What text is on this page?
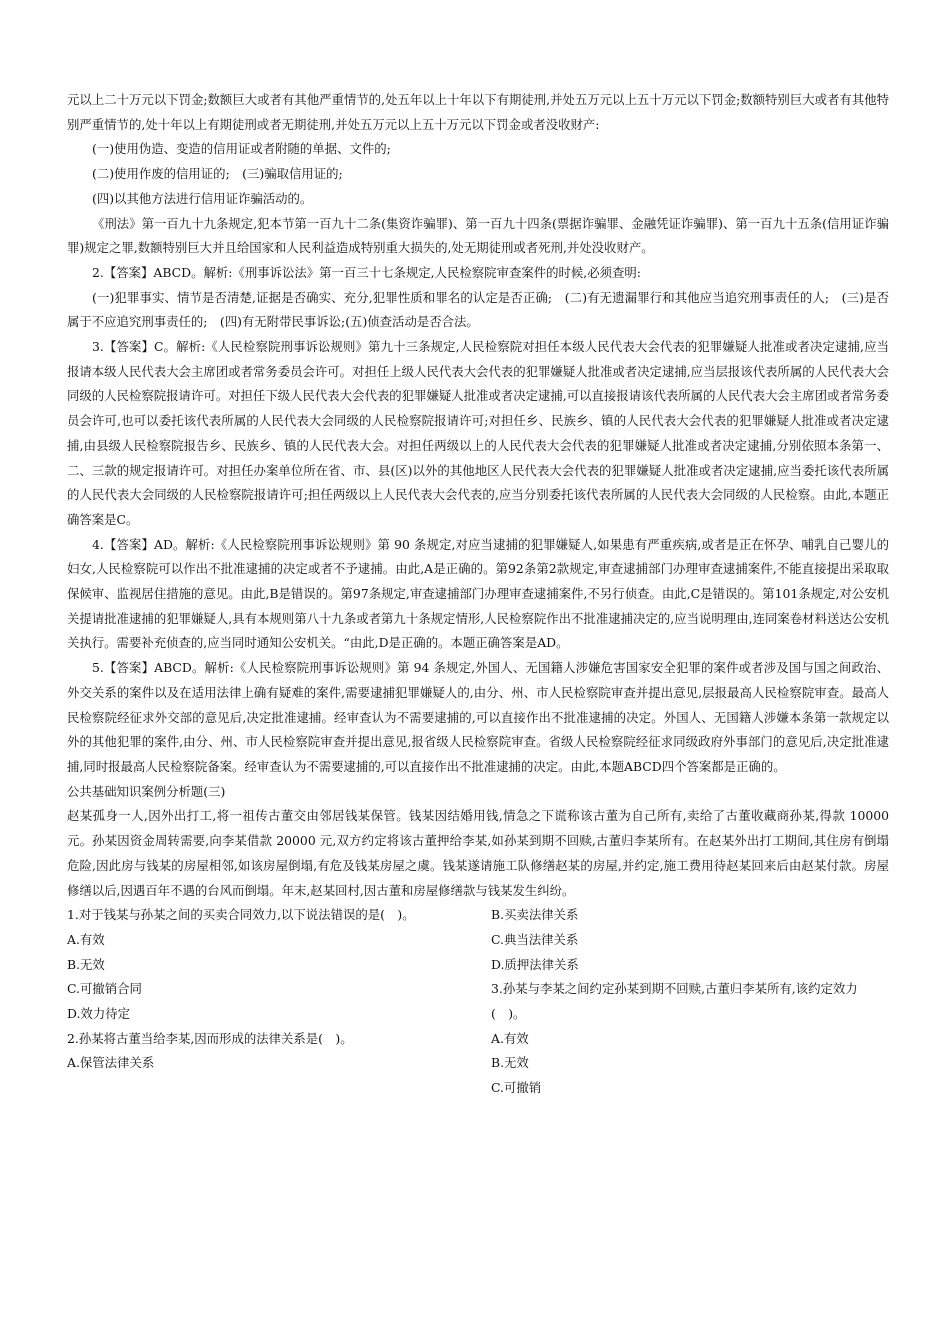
元以上二十万元以下罚金;数额巨大或者有其他严重情节的,处五年以上十年以下有期徒刑,并处五万元以上五十万元以下罚金;数额特别巨大或者有其他特别严重情节的,处十年以上有期徒刑或者无期徒刑,并处五万元以上五十万元以下罚金或者没收财产:

(一)使用伪造、变造的信用证或者附随的单据、文件的;

(二)使用作废的信用证的;　(三)骗取信用证的;

(四)以其他方法进行信用证诈骗活动的。

《刑法》第一百九十九条规定,犯本节第一百九十二条(集资诈骗罪)、第一百九十四条(票据诈骗罪、金融凭证诈骗罪)、第一百九十五条(信用证诈骗罪)规定之罪,数额特别巨大并且给国家和人民利益造成特别重大损失的,处无期徒刑或者死刑,并处没收财产。

2.【答案】ABCD。解析:《刑事诉讼法》第一百三十七条规定,人民检察院审查案件的时候,必须查明:

(一)犯罪事实、情节是否清楚,证据是否确实、充分,犯罪性质和罪名的认定是否正确;　(二)有无遗漏罪行和其他应当追究刑事责任的人;　(三)是否属于不应追究刑事责任的;　(四)有无附带民事诉讼;(五)侦查活动是否合法。

3.【答案】C。解析:《人民检察院刑事诉讼规则》第九十三条规定,人民检察院对担任本级人民代表大会代表的犯罪嫌疑人批准或者决定逮捕,应当报请本级人民代表大会主席团或者常务委员会许可。对担任上级人民代表大会代表的犯罪嫌疑人批准或者决定逮捕,应当层报该代表所属的人民代表大会同级的人民检察院报请许可。对担任下级人民代表大会代表的犯罪嫌疑人批准或者决定逮捕,可以直接报请该代表所属的人民代表大会主席团或者常务委员会许可,也可以委托该代表所属的人民代表大会同级的人民检察院报请许可;对担任乡、民族乡、镇的人民代表大会代表的犯罪嫌疑人批准或者决定逮捕,由县级人民检察院报告乡、民族乡、镇的人民代表大会。对担任两级以上的人民代表大会代表的犯罪嫌疑人批准或者决定逮捕,分别依照本条第一、二、三款的规定报请许可。对担任办案单位所在省、市、县(区)以外的其他地区人民代表大会代表的犯罪嫌疑人批准或者决定逮捕,应当委托该代表所属的人民代表大会同级的人民检察院报请许可;担任两级以上人民代表大会代表的,应当分别委托该代表所属的人民代表大会同级的人民检察。由此,本题正确答案是C。

4.【答案】AD。解析:《人民检察院刑事诉讼规则》第 90 条规定,对应当逮捕的犯罪嫌疑人,如果患有严重疾病,或者是正在怀孕、哺乳自己婴儿的妇女,人民检察院可以作出不批准逮捕的决定或者不予逮捕。由此,A是正确的。第92条第2款规定,审查逮捕部门办理审查逮捕案件,不能直接提出采取取保候审、监视居住措施的意见。由此,B是错误的。第97条规定,审查逮捕部门办理审查逮捕案件,不另行侦查。由此,C是错误的。第101条规定,对公安机关提请批准逮捕的犯罪嫌疑人,具有本规则第八十九条或者第九十条规定情形,人民检察院作出不批准逮捕决定的,应当说明理由,连同案卷材料送达公安机关执行。需要补充侦查的,应当同时通知公安机关。“由此,D是正确的。本题正确答案是AD。

5.【答案】ABCD。解析:《人民检察院刑事诉讼规则》第 94 条规定,外国人、无国籍人涉嫌危害国家安全犯罪的案件或者涉及国与国之间政治、外交关系的案件以及在适用法律上确有疑难的案件,需要逮捕犯罪嫌疑人的,由分、州、市人民检察院审查并提出意见,层报最高人民检察院审查。最高人民检察院经征求外交部的意见后,决定批准逮捕。经审查认为不需要逮捕的,可以直接作出不批准逮捕的决定。外国人、无国籍人涉嫌本条第一款规定以外的其他犯罪的案件,由分、州、市人民检察院审查并提出意见,报省级人民检察院审查。省级人民检察院经征求同级政府外事部门的意见后,决定批准逮捕,同时报最高人民检察院备案。经审查认为不需要逮捕的,可以直接作出不批准逮捕的决定。由此,本题ABCD四个答案都是正确的。

公共基础知识案例分析题(三)

赵某孤身一人,因外出打工,将一祖传古董交由邻居钱某保管。钱某因结婚用钱,情急之下谎称该古董为自己所有,卖给了古董收藏商孙某,得款 10000 元。孙某因资金周转需要,向李某借款 20000 元,双方约定将该古董押给李某,如孙某到期不回赎,古董归李某所有。在赵某外出打工期间,其住房有倒塌危险,因此房与钱某的房屋相邻,如该房屋倒塌,有危及钱某房屋之虞。钱某遂请施工队修缮赵某的房屋,并约定,施工费用待赵某回来后由赵某付款。房屋修缮以后,因遇百年不遇的台风而倒塌。年末,赵某回村,因古董和房屋修缮款与钱某发生纠纷。

1.对于钱某与孙某之间的买卖合同效力,以下说法错误的是(　)。

A.有效

B.无效

C.可撤销合同

D.效力待定

2.孙某将古董当给李某,因而形成的法律关系是(　)。

A.保管法律关系

B.买卖法律关系

C.典当法律关系

D.质押法律关系

3.孙某与李某之间约定孙某到期不回赎,古董归李某所有,该约定效力(　)。

A.有效

B.无效

C.可撤销
